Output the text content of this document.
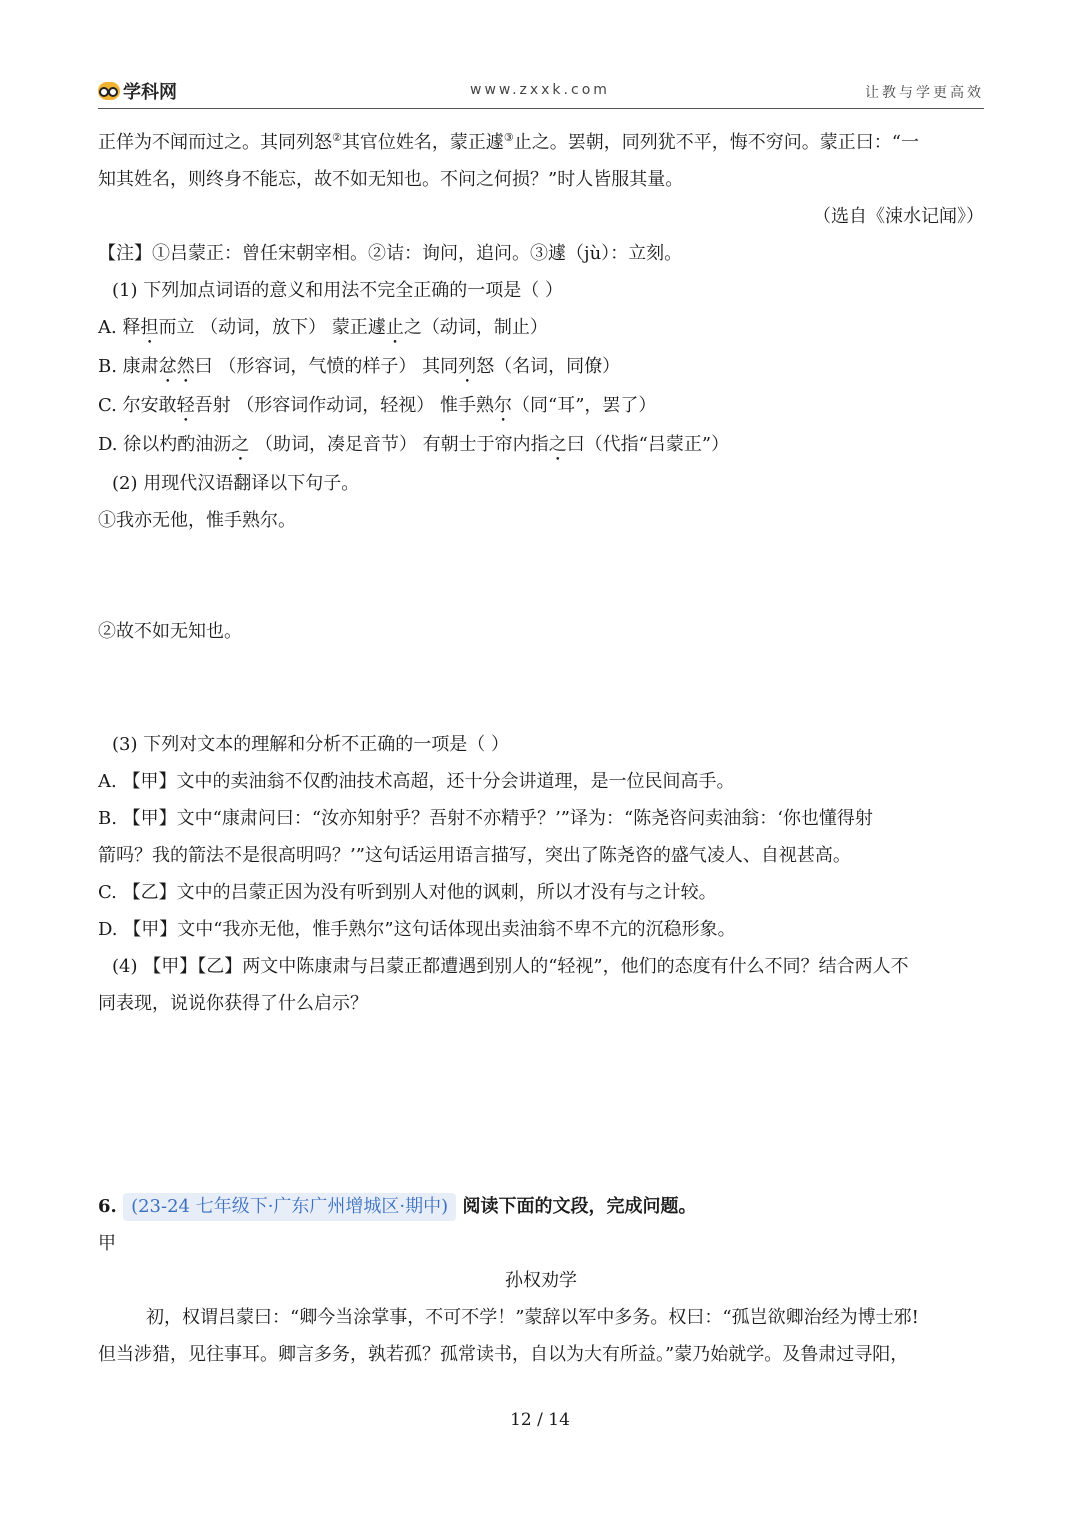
学科网	www.zxxk.com	让教与学更高效
正佯为不闻而过之。其同列怒②其官位姓名，蒙正遽③止之。罢朝，同列犹不平，悔不穷问。蒙正曰：“一
知其姓名，则终身不能忘，故不如无知也。不问之何损？”时人皆服其量。
（选自《涑水记闻》）
【注】①吕蒙正：曾任宋朝宰相。②诘：询问，追问。③遽（jù）：立刻。
(1) 下列加点词语的意义和用法不完全正确的一项是（ ）
A. 释担而立 （动词，放下） 蒙正遽止之（动词，制止）
B. 康肃忿然曰 （形容词，气愤的样子） 其同列怒（名词，同僚）
C. 尔安敢轻吾射 （形容词作动词，轻视） 惟手熟尔（同“耳”，罢了）
D. 徐以杓酌油沥之 （助词，凑足音节） 有朝士于帘内指之曰（代指“吕蒙正”）
(2) 用现代汉语翻译以下句子。
①我亦无他，惟手熟尔。
②故不如无知也。
(3) 下列对文本的理解和分析不正确的一项是（ ）
A. 【甲】文中的卖油翁不仅酌油技术高超，还十分会讲道理，是一位民间高手。
B. 【甲】文中“康肃问曰：“汝亦知射乎？吾射不亦精乎？’”译为：“陈尧咨问卖油翁：‘你也懂得射
箭吗？我的箭法不是很高明吗？’”这句话运用语言描写，突出了陈尧咨的盛气凌人、自视甚高。
C. 【乙】文中的吕蒙正因为没有听到别人对他的讽刺，所以才没有与之计较。
D. 【甲】文中“我亦无他，惟手熟尔”这句话体现出卖油翁不卑不亢的沉稳形象。
(4) 【甲】【乙】两文中陈康肃与吕蒙正都遭遇到别人的“轻视”，他们的态度有什么不同？结合两人不
同表现，说说你获得了什么启示？
6. (23-24 七年级下·广东广州增城区·期中) 阅读下面的文段，完成问题。
甲
孙权劝学
初，权谓吕蒙曰：“卿今当涂掌事，不可不学！”蒙辞以军中多务。权曰：“孤岂欲卿治经为博士邪!
但当涉猎，见往事耳。卿言多务，孰若孤？孤常读书，自以为大有所益。”蒙乃始就学。及鲁肃过寻阳，
12 / 14
